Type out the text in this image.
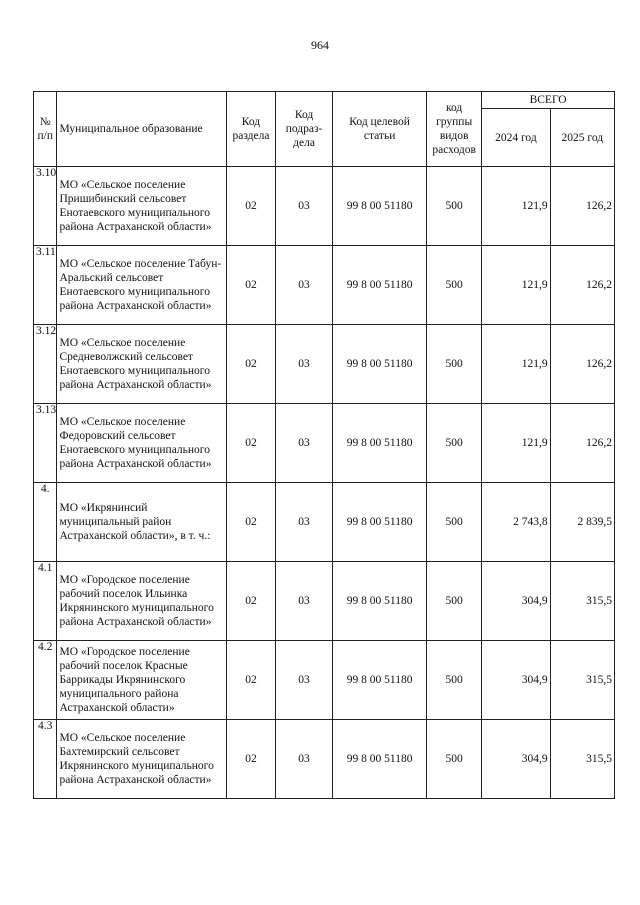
964
№ п/п	Муниципальное образование	Код раздела	Код подраз-дела	Код целевой статьи	код группы видов расходов	ВСЕГО	
						2024 год	2025 год
3.10	МО «Сельское поселение Пришибинский сельсовет Енотаевского муниципального района Астраханской области»	02	03	99 8 00 51180	500	121,9	126,2
3.11	МО «Сельское поселение Табун-Аральский сельсовет Енотаевского муниципального района Астраханской области»	02	03	99 8 00 51180	500	121,9	126,2
3.12	МО «Сельское поселение Средневолжский сельсовет Енотаевского муниципального района Астраханской области»	02	03	99 8 00 51180	500	121,9	126,2
3.13	МО «Сельское поселение Федоровский сельсовет Енотаевского муниципального района Астраханской области»	02	03	99 8 00 51180	500	121,9	126,2
4.	МО «Икрянинсий муниципальный район Астраханской области», в т. ч.:	02	03	99 8 00 51180	500	2 743,8	2 839,5
4.1	МО «Городское поселение рабочий поселок Ильинка Икрянинского муниципального района Астраханской области»	02	03	99 8 00 51180	500	304,9	315,5
4.2	МО «Городское поселение рабочий поселок Красные Баррикады Икрянинского муниципального района Астраханской области»	02	03	99 8 00 51180	500	304,9	315,5
4.3	МО «Сельское поселение Бахтемирский сельсовет Икрянинского муниципального района Астраханской области»	02	03	99 8 00 51180	500	304,9	315,5
